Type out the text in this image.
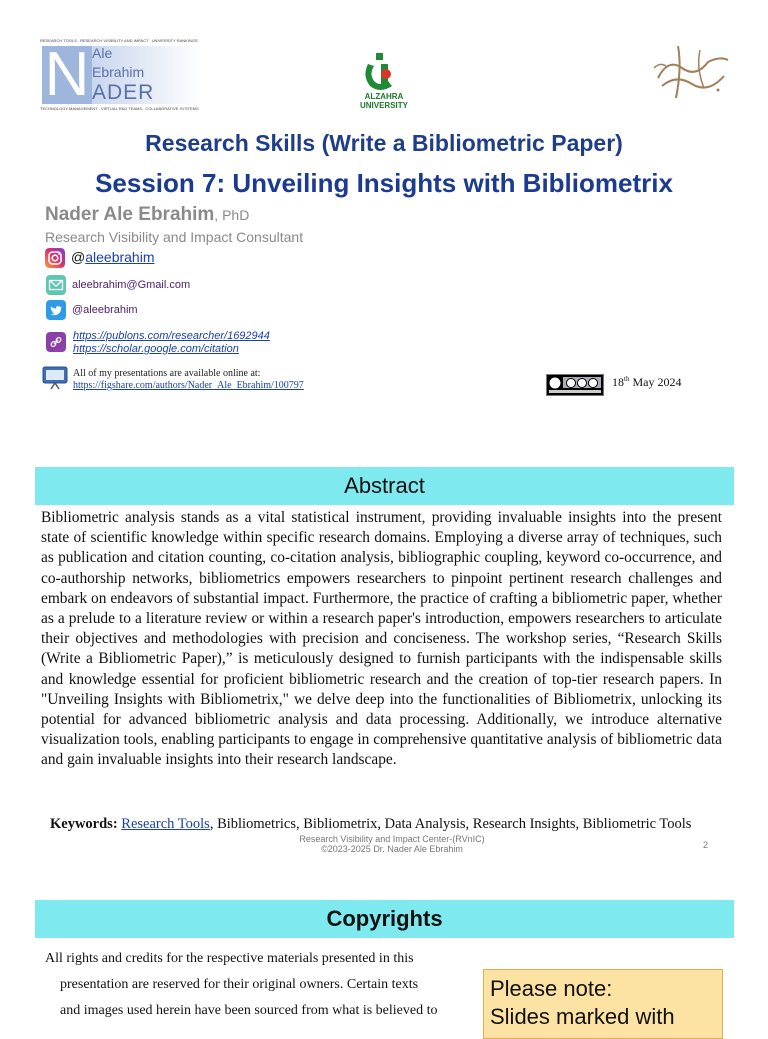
RESEARCH TOOLS . RESEARCH VISIBILITY AND IMPACT . UNIVERSITY RANKINGS
N Ale
Ebrahim
ADER
TECHNOLOGY MANAGEMENT . VIRTUAL R&D TEAMS . COLLABORATIVE SYSTEMS
ALZAHRA
UNIVERSITY
Research Skills (Write a Bibliometric Paper)
Session 7: Unveiling Insights with Bibliometrix
Nader Ale Ebrahim, PhD
Research Visibility and Impact Consultant
@aleebrahim
aleebrahim@Gmail.com
@aleebrahim
https://publons.com/researcher/1692944
https://scholar.google.com/citation
All of my presentations are available online at:
https://figshare.com/authors/Nader_Ale_Ebrahim/100797	18th May 2024
Abstract
Bibliometric analysis stands as a vital statistical instrument, providing invaluable insights into the present state of scientific knowledge within specific research domains. Employing a diverse array of techniques, such as publication and citation counting, co-citation analysis, bibliographic coupling, keyword co-occurrence, and co-authorship networks, bibliometrics empowers researchers to pinpoint pertinent research challenges and embark on endeavors of substantial impact. Furthermore, the practice of crafting a bibliometric paper, whether as a prelude to a literature review or within a research paper's introduction, empowers researchers to articulate their objectives and methodologies with precision and conciseness. The workshop series, “Research Skills (Write a Bibliometric Paper),” is meticulously designed to furnish participants with the indispensable skills and knowledge essential for proficient bibliometric research and the creation of top-tier research papers. In "Unveiling Insights with Bibliometrix," we delve deep into the functionalities of Bibliometrix, unlocking its potential for advanced bibliometric analysis and data processing. Additionally, we introduce alternative visualization tools, enabling participants to engage in comprehensive quantitative analysis of bibliometric data and gain invaluable insights into their research landscape.
Keywords: Research Tools, Bibliometrics, Bibliometrix, Data Analysis, Research Insights, Bibliometric Tools
Research Visibility and Impact Center-(RVnIC)
©2023-2025 Dr. Nader Ale Ebrahim	2
Copyrights
All rights and credits for the respective materials presented in this
presentation are reserved for their original owners. Certain texts
and images used herein have been sourced from what is believed to
Please note:
Slides marked with
